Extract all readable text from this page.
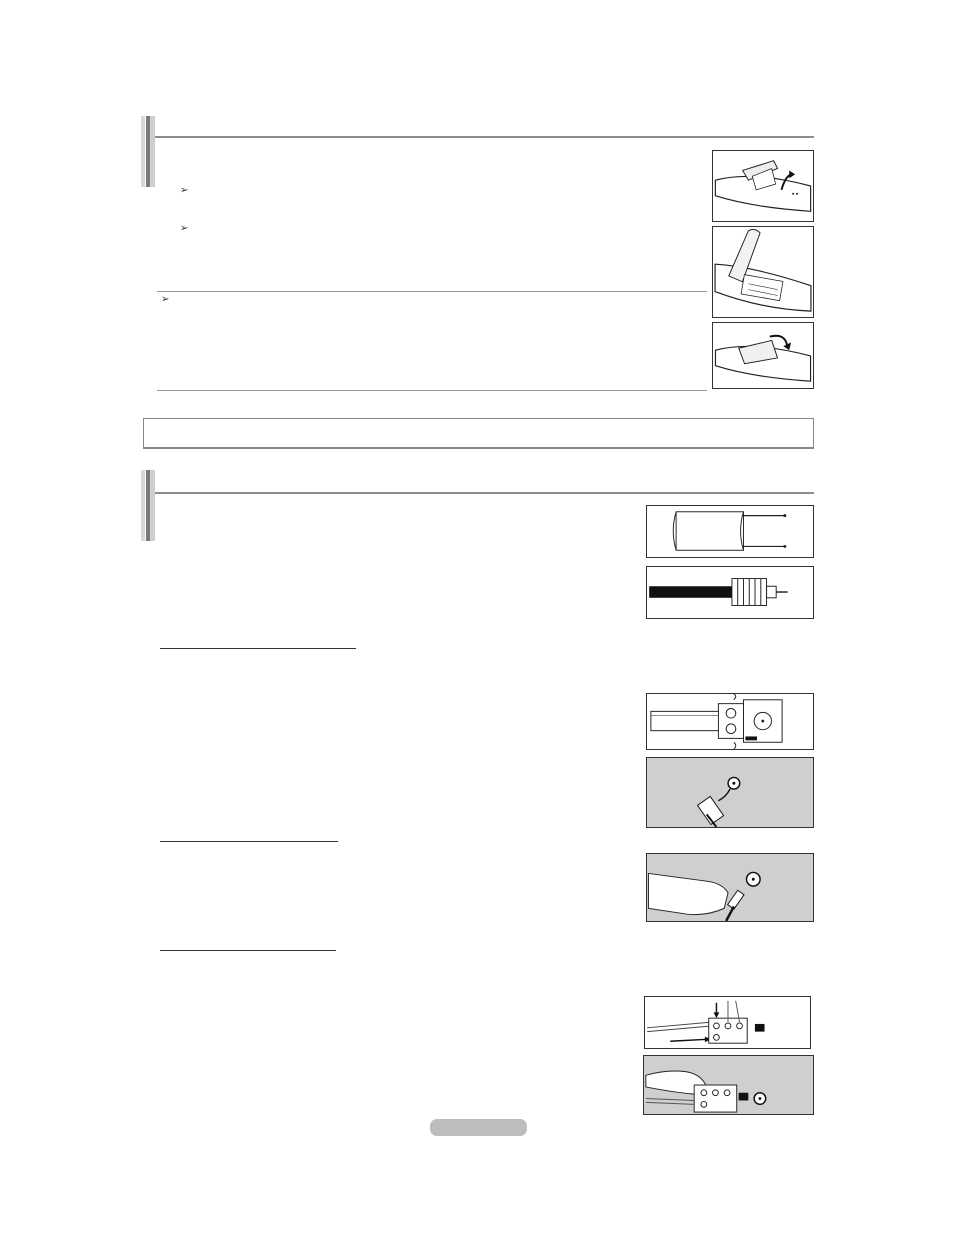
➢
➢
➢
